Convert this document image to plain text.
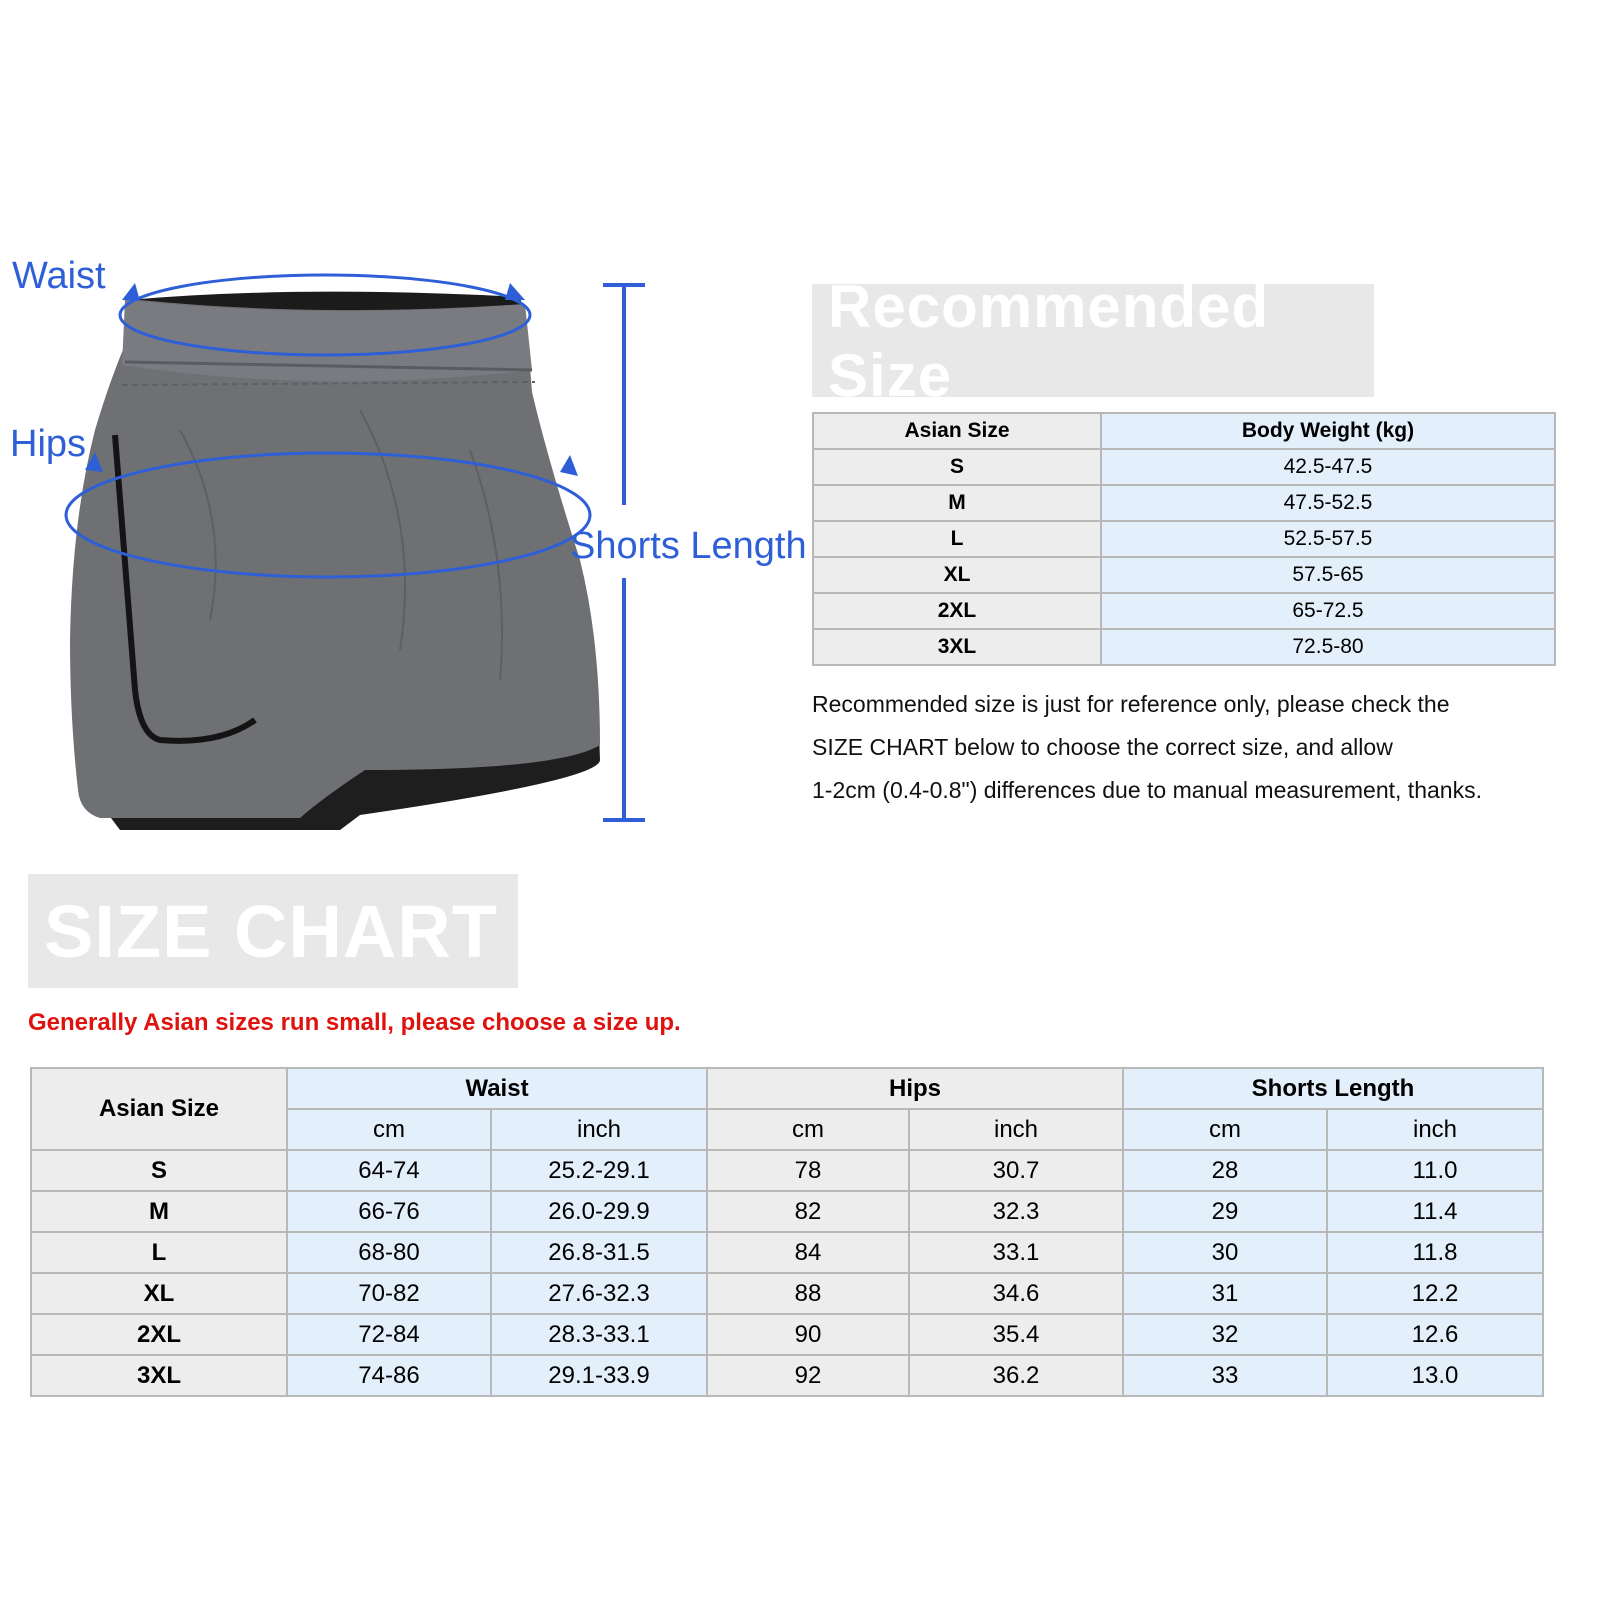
Waist
Hips
Shorts Length
Recommended Size
Asian Size	Body Weight (kg)
S	42.5-47.5
M	47.5-52.5
L	52.5-57.5
XL	57.5-65
2XL	65-72.5
3XL	72.5-80
Recommended size is just for reference only, please check the
SIZE CHART below to choose the correct size, and allow
1-2cm (0.4-0.8") differences due to manual measurement, thanks.
SIZE CHART
Generally Asian sizes run small, please choose a size up.
Asian Size	Waist		Hips		Shorts Length	
	cm	inch	cm	inch	cm	inch
S	64-74	25.2-29.1	78	30.7	28	11.0
M	66-76	26.0-29.9	82	32.3	29	11.4
L	68-80	26.8-31.5	84	33.1	30	11.8
XL	70-82	27.6-32.3	88	34.6	31	12.2
2XL	72-84	28.3-33.1	90	35.4	32	12.6
3XL	74-86	29.1-33.9	92	36.2	33	13.0
